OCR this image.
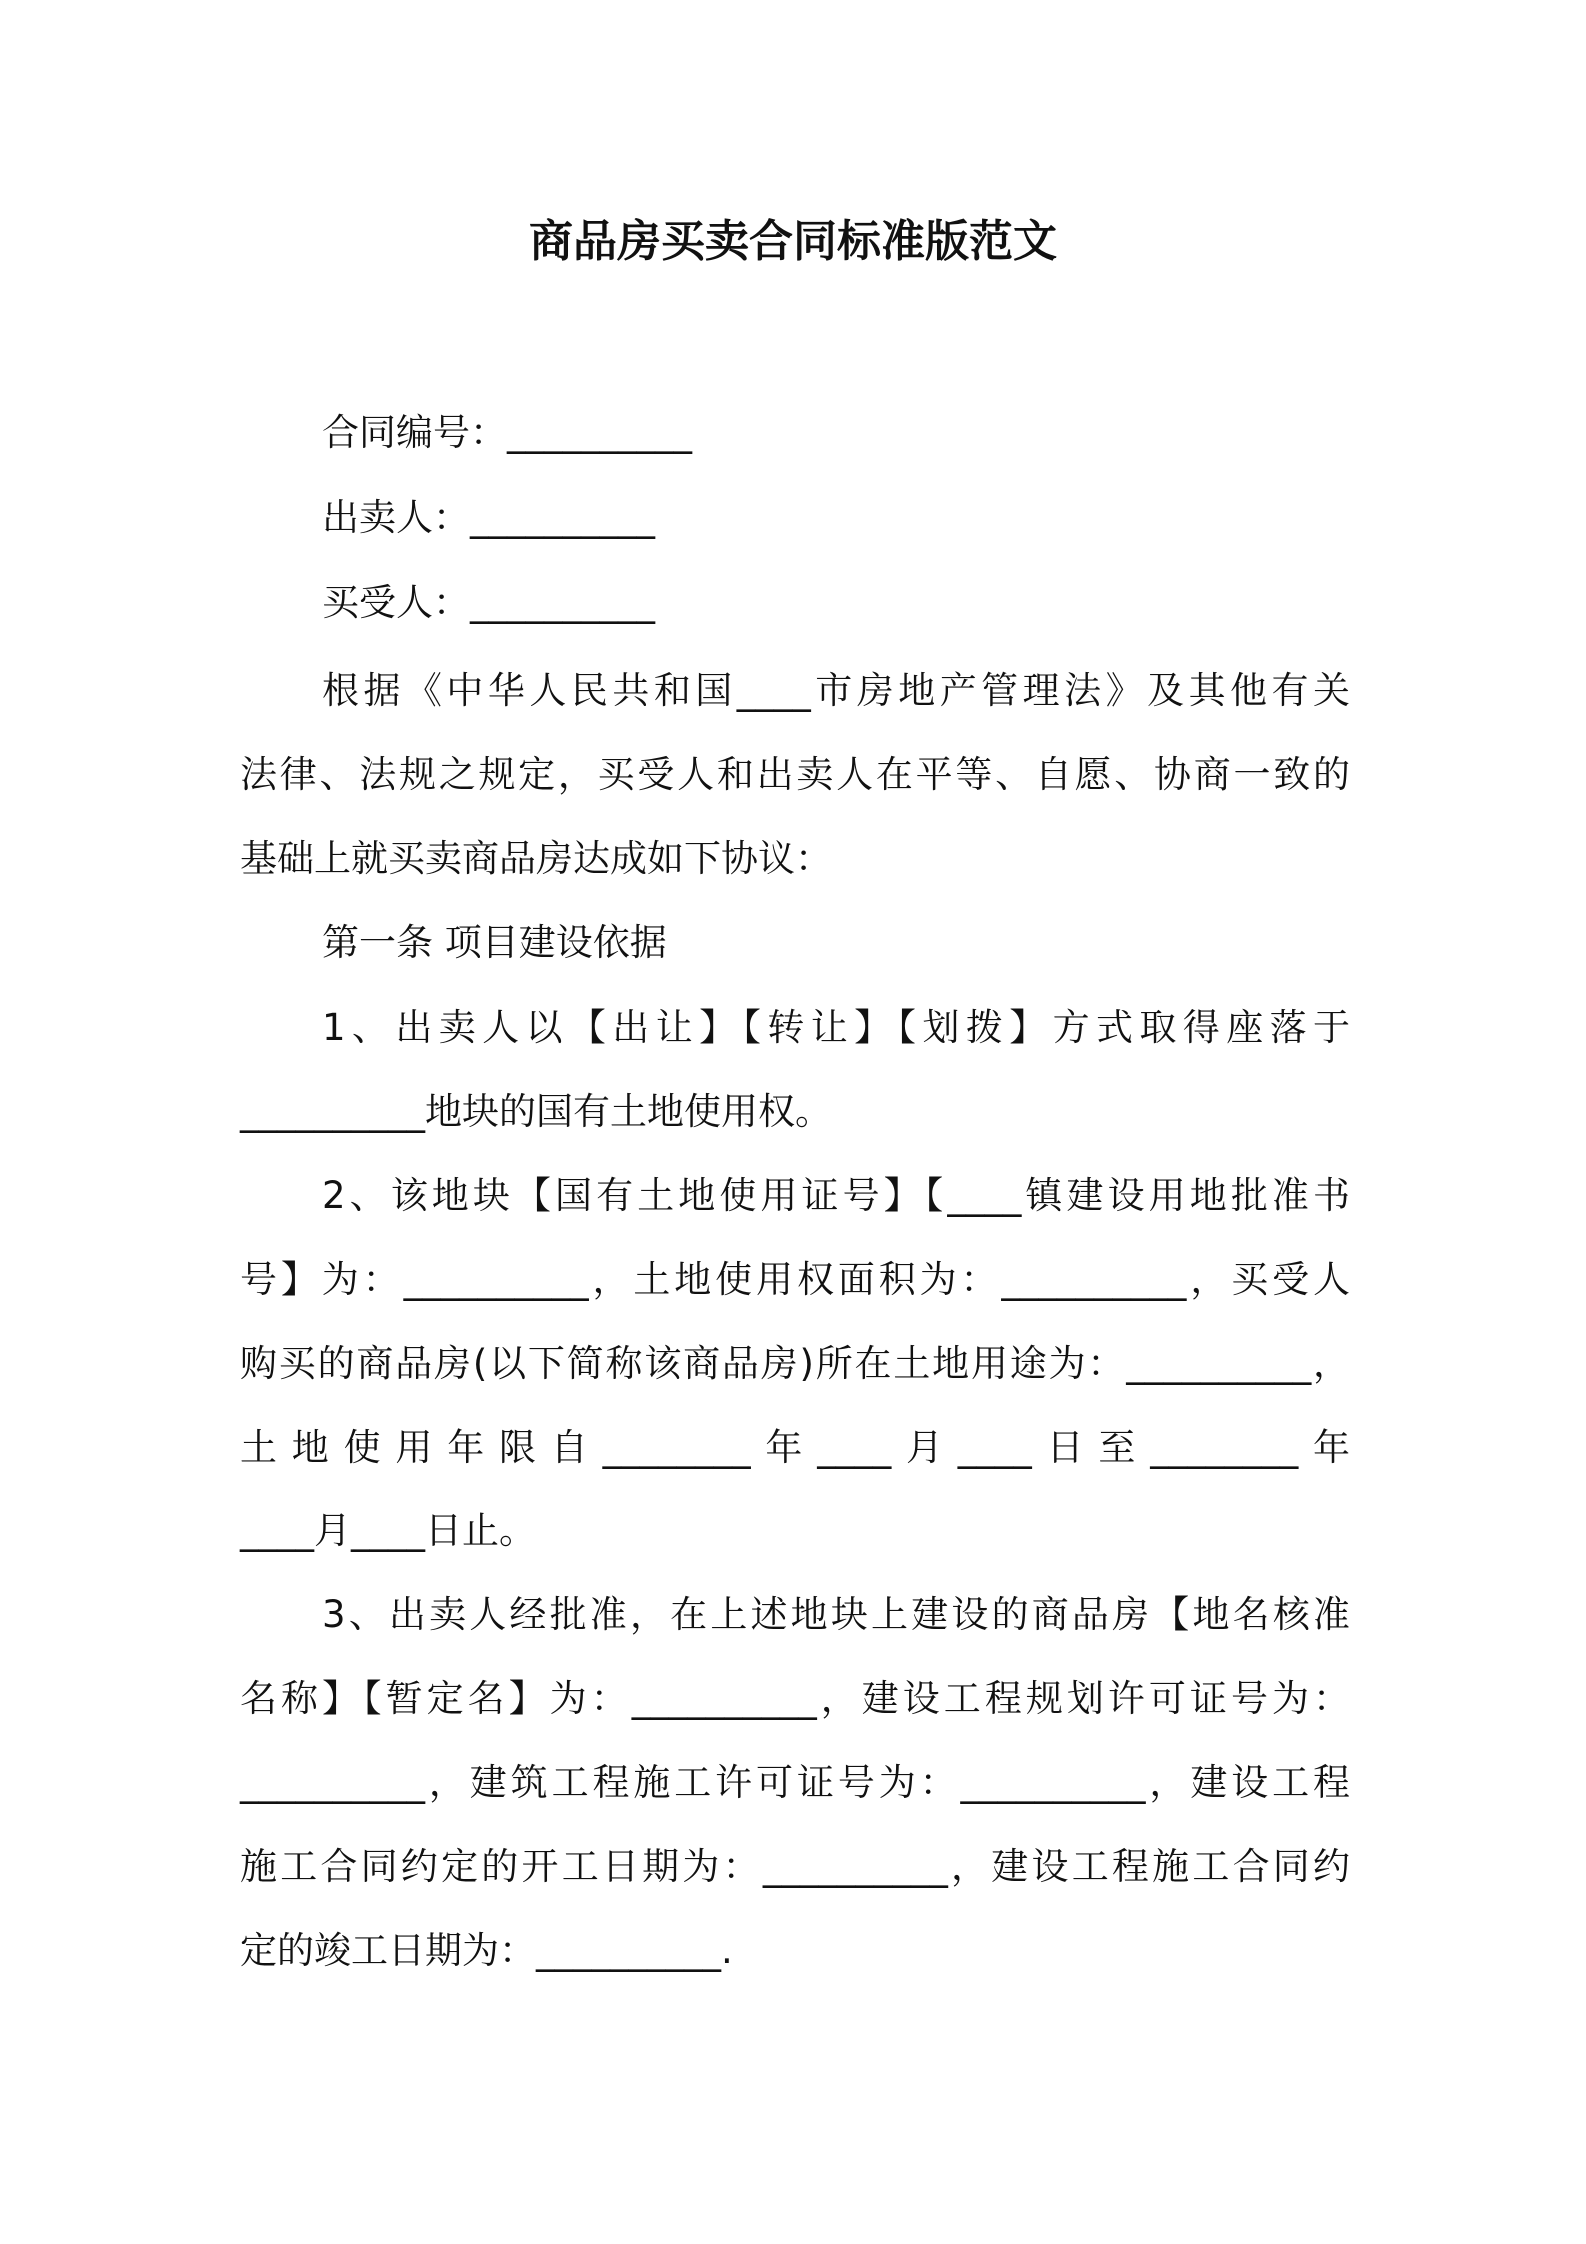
商品房买卖合同标准版范文
合同编号：__________
出卖人：__________
买受人：__________
根据《中华人民共和国____市房地产管理法》及其他有关
法律、法规之规定，买受人和出卖人在平等、自愿、协商一致的
基础上就买卖商品房达成如下协议：
第一条 项目建设依据
1、出卖人以【出让】【转让】【划拨】方式取得座落于
__________地块的国有土地使用权。
2、该地块【国有土地使用证号】【____镇建设用地批准书
号】为：__________，土地使用权面积为：__________，买受人
购买的商品房(以下简称该商品房)所在土地用途为：__________，
土地使用年限自________年____月____日至________年
____月____日止。
3、出卖人经批准，在上述地块上建设的商品房【地名核准
名称】【暂定名】为：__________，建设工程规划许可证号为：
__________，建筑工程施工许可证号为：__________，建设工程
施工合同约定的开工日期为：__________，建设工程施工合同约
定的竣工日期为：__________.
